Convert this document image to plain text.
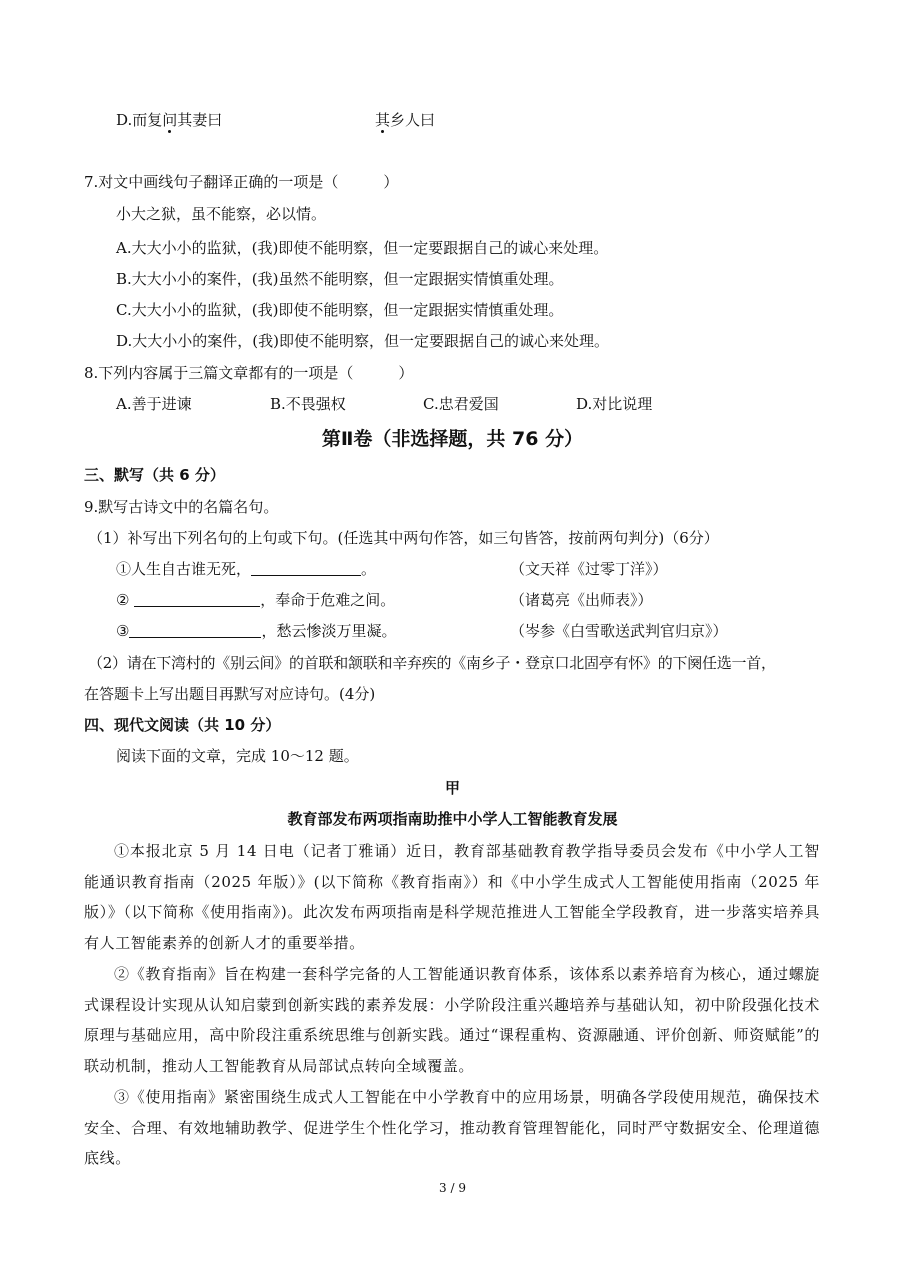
D.而复问其妻曰	其乡人曰
7.对文中画线句子翻译正确的一项是（　　　）
小大之狱，虽不能察，必以情。
A.大大小小的监狱，(我)即使不能明察，但一定要跟据自己的诚心来处理。
B.大大小小的案件，(我)虽然不能明察，但一定跟据实情慎重处理。
C.大大小小的监狱，(我)即使不能明察，但一定跟据实情慎重处理。
D.大大小小的案件，(我)即使不能明察，但一定要跟据自己的诚心来处理。
8.下列内容属于三篇文章都有的一项是（　　　）
A.善于进谏	B.不畏强权	C.忠君爱国	D.对比说理
第Ⅱ卷（非选择题，共 76 分）
三、默写（共 6 分）
9.默写古诗文中的名篇名句。
（1）补写出下列名句的上句或下句。(任选其中两句作答，如三句皆答，按前两句判分)（6分）
①人生自古谁无死，	。	（文天祥《过零丁洋》）
②	，奉命于危难之间。	（诸葛亮《出师表》）
③	，愁云惨淡万里凝。	（岑参《白雪歌送武判官归京》）
（2）请在下湾村的《别云间》的首联和颔联和辛弃疾的《南乡子・登京口北固亭有怀》的下阕任选一首，
在答题卡上写出题目再默写对应诗句。(4分)
四、现代文阅读（共 10 分）
阅读下面的文章，完成 10～12 题。
甲
教育部发布两项指南助推中小学人工智能教育发展
①本报北京 5 月 14 日电（记者丁雅诵）近日，教育部基础教育教学指导委员会发布《中小学人工智能通识教育指南（2025 年版）》(以下简称《教育指南》）和《中小学生成式人工智能使用指南（2025 年版）》（以下简称《使用指南》)。此次发布两项指南是科学规范推进人工智能全学段教育，进一步落实培养具有人工智能素养的创新人才的重要举措。
②《教育指南》旨在构建一套科学完备的人工智能通识教育体系，该体系以素养培育为核心，通过螺旋式课程设计实现从认知启蒙到创新实践的素养发展：小学阶段注重兴趣培养与基础认知，初中阶段强化技术原理与基础应用，高中阶段注重系统思维与创新实践。通过“课程重构、资源融通、评价创新、师资赋能”的联动机制，推动人工智能教育从局部试点转向全域覆盖。
③《使用指南》紧密围绕生成式人工智能在中小学教育中的应用场景，明确各学段使用规范，确保技术安全、合理、有效地辅助教学、促进学生个性化学习，推动教育管理智能化，同时严守数据安全、伦理道德底线。
3 / 9
